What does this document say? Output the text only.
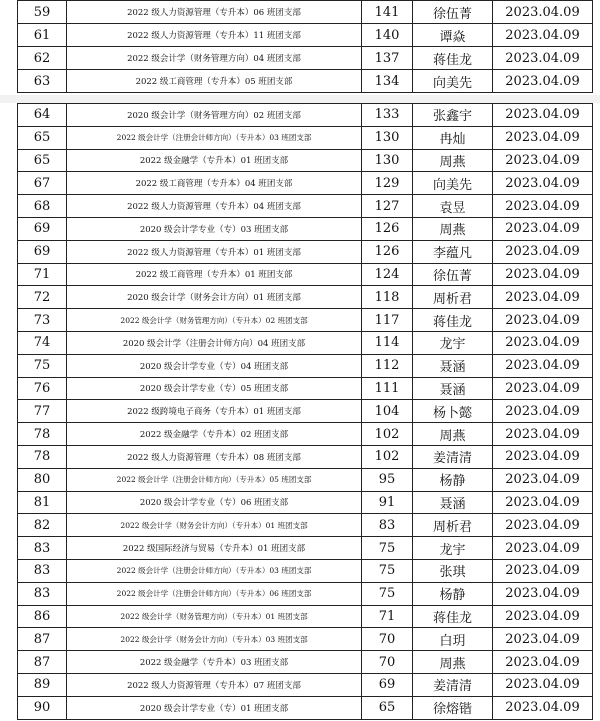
59	2022 级人力资源管理（专升本）06 班团支部	141	徐伍菁	2023.04.09
61	2022 级人力资源管理（专升本）11 班团支部	140	谭焱	2023.04.09
62	2022 级会计学（财务管理方向）04 班团支部	137	蒋佳龙	2023.04.09
63	2022 级工商管理（专升本）05 班团支部	134	向美先	2023.04.09
64	2020 级会计学（财务管理方向）02 班团支部	133	张鑫宇	2023.04.09
65	2022 级会计学（注册会计师方向）（专升本）03 班团支部	130	冉灿	2023.04.09
65	2022 级金融学（专升本）01 班团支部	130	周燕	2023.04.09
67	2022 级工商管理（专升本）04 班团支部	129	向美先	2023.04.09
68	2022 级人力资源管理（专升本）04 班团支部	127	袁昱	2023.04.09
69	2020 级会计学专业（专）03 班团支部	126	周燕	2023.04.09
69	2022 级人力资源管理（专升本）01 班团支部	126	李蕴凡	2023.04.09
71	2022 级工商管理（专升本）01 班团支部	124	徐伍菁	2023.04.09
72	2020 级会计学（财务会计方向）01 班团支部	118	周析君	2023.04.09
73	2022 级会计学（财务管理方向）（专升本）02 班团支部	117	蒋佳龙	2023.04.09
74	2020 级会计学（注册会计师方向）04 班团支部	114	龙宇	2023.04.09
75	2020 级会计学专业（专）04 班团支部	112	聂涵	2023.04.09
76	2020 级会计学专业（专）05 班团支部	111	聂涵	2023.04.09
77	2022 级跨境电子商务（专升本）01 班团支部	104	杨卜懿	2023.04.09
78	2022 级金融学（专升本）02 班团支部	102	周燕	2023.04.09
78	2022 级人力资源管理（专升本）08 班团支部	102	姜清清	2023.04.09
80	2022 级会计学（注册会计师方向）（专升本）05 班团支部	95	杨静	2023.04.09
81	2020 级会计学专业（专）06 班团支部	91	聂涵	2023.04.09
82	2022 级会计学（财务会计方向）（专升本）01 班团支部	83	周析君	2023.04.09
83	2022 级国际经济与贸易（专升本）01 班团支部	75	龙宇	2023.04.09
83	2022 级会计学（注册会计师方向）（专升本）03 班团支部	75	张琪	2023.04.09
83	2022 级会计学（注册会计师方向）（专升本）06 班团支部	75	杨静	2023.04.09
86	2022 级会计学（财务管理方向）（专升本）01 班团支部	71	蒋佳龙	2023.04.09
87	2022 级会计学（财务会计方向）（专升本）03 班团支部	70	白玥	2023.04.09
87	2022 级金融学（专升本）03 班团支部	70	周燕	2023.04.09
89	2022 级人力资源管理（专升本）07 班团支部	69	姜清清	2023.04.09
90	2020 级会计学专业（专）01 班团支部	65	徐熔锴	2023.04.09
